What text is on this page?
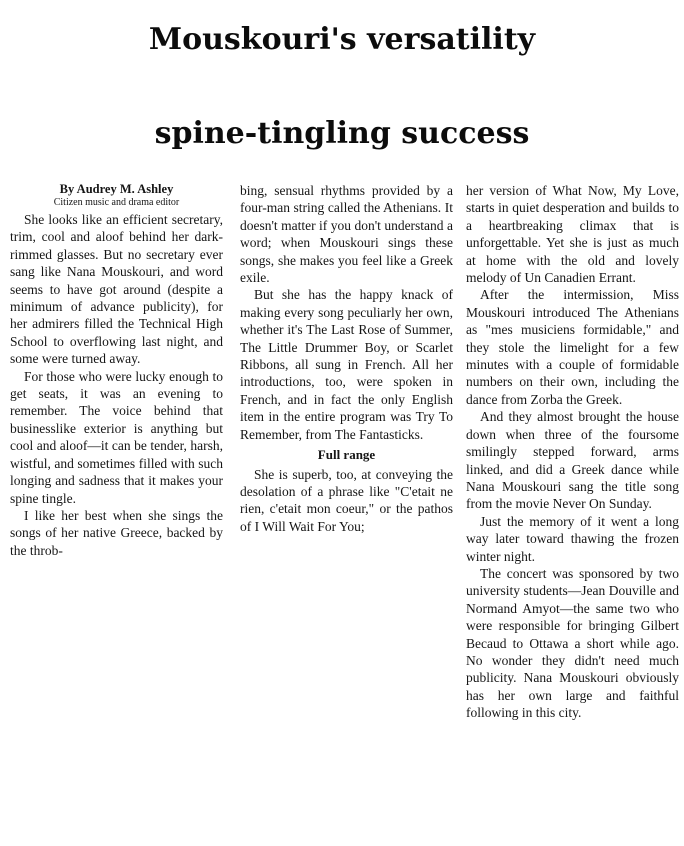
Mouskouri's versatility
spine-tingling success
By Audrey M. Ashley
Citizen music and drama editor

She looks like an efficient secretary, trim, cool and aloof behind her dark-rimmed glasses. But no secretary ever sang like Nana Mouskouri, and word seems to have got around (despite a minimum of advance publicity), for her admirers filled the Technical High School to overflowing last night, and some were turned away.

For those who were lucky enough to get seats, it was an evening to remember. The voice behind that businesslike exterior is anything but cool and aloof—it can be tender, harsh, wistful, and sometimes filled with such longing and sadness that it makes your spine tingle.

I like her best when she sings the songs of her native Greece, backed by the throb-

bing, sensual rhythms provided by a four-man string called the Athenians. It doesn't matter if you don't understand a word; when Mouskouri sings these songs, she makes you feel like a Greek exile.

But she has the happy knack of making every song peculiarly her own, whether it's The Last Rose of Summer, The Little Drummer Boy, or Scarlet Ribbons, all sung in French. All her introductions, too, were spoken in French, and in fact the only English item in the entire program was Try To Remember, from The Fantasticks.

Full range

She is superb, too, at conveying the desolation of a phrase like "C'etait ne rien, c'etait mon coeur," or the pathos of I Will Wait For You;

her version of What Now, My Love, starts in quiet desperation and builds to a heartbreaking climax that is unforgettable. Yet she is just as much at home with the old and lovely melody of Un Canadien Errant.

After the intermission, Miss Mouskouri introduced The Athenians as "mes musiciens formidable," and they stole the limelight for a few minutes with a couple of formidable numbers on their own, including the dance from Zorba the Greek.

And they almost brought the house down when three of the foursome smilingly stepped forward, arms linked, and did a Greek dance while Nana Mouskouri sang the title song from the movie Never On Sunday.

Just the memory of it went a long way later toward thawing the frozen winter night.

The concert was sponsored by two university students—Jean Douville and Normand Amyot—the same two who were responsible for bringing Gilbert Becaud to Ottawa a short while ago. No wonder they didn't need much publicity. Nana Mouskouri obviously has her own large and faithful following in this city.
